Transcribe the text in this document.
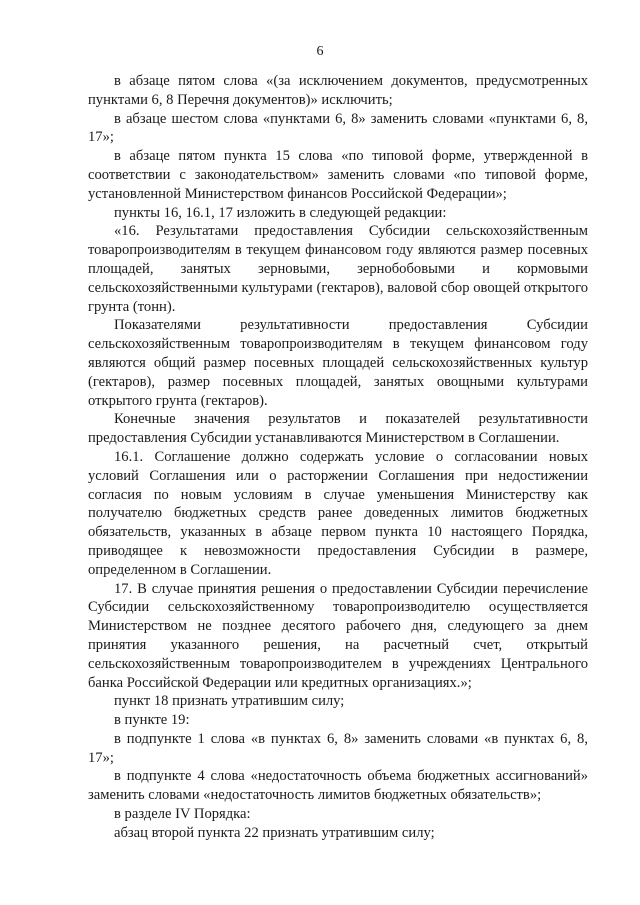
6

в абзаце пятом слова «(за исключением документов, предусмотренных пунктами 6, 8 Перечня документов)» исключить;

в абзаце шестом слова «пунктами 6, 8» заменить словами «пунктами 6, 8, 17»;

в абзаце пятом пункта 15 слова «по типовой форме, утвержденной в соответствии с законодательством» заменить словами «по типовой форме, установленной Министерством финансов Российской Федерации»;

пункты 16, 16.1, 17 изложить в следующей редакции:

«16. Результатами предоставления Субсидии сельскохозяйственным товаропроизводителям в текущем финансовом году являются размер посевных площадей, занятых зерновыми, зернобобовыми и кормовыми сельскохозяйственными культурами (гектаров), валовой сбор овощей открытого грунта (тонн).

Показателями результативности предоставления Субсидии сельскохозяйственным товаропроизводителям в текущем финансовом году являются общий размер посевных площадей сельскохозяйственных культур (гектаров), размер посевных площадей, занятых овощными культурами открытого грунта (гектаров).

Конечные значения результатов и показателей результативности предоставления Субсидии устанавливаются Министерством в Соглашении.

16.1. Соглашение должно содержать условие о согласовании новых условий Соглашения или о расторжении Соглашения при недостижении согласия по новым условиям в случае уменьшения Министерству как получателю бюджетных средств ранее доведенных лимитов бюджетных обязательств, указанных в абзаце первом пункта 10 настоящего Порядка, приводящее к невозможности предоставления Субсидии в размере, определенном в Соглашении.

17. В случае принятия решения о предоставлении Субсидии перечисление Субсидии сельскохозяйственному товаропроизводителю осуществляется Министерством не позднее десятого рабочего дня, следующего за днем принятия указанного решения, на расчетный счет, открытый сельскохозяйственным товаропроизводителем в учреждениях Центрального банка Российской Федерации или кредитных организациях.»;

пункт 18 признать утратившим силу;

в пункте 19:

в подпункте 1 слова «в пунктах 6, 8» заменить словами «в пунктах 6, 8, 17»;

в подпункте 4 слова «недостаточность объема бюджетных ассигнований» заменить словами «недостаточность лимитов бюджетных обязательств»;

в разделе IV Порядка:

абзац второй пункта 22 признать утратившим силу;
